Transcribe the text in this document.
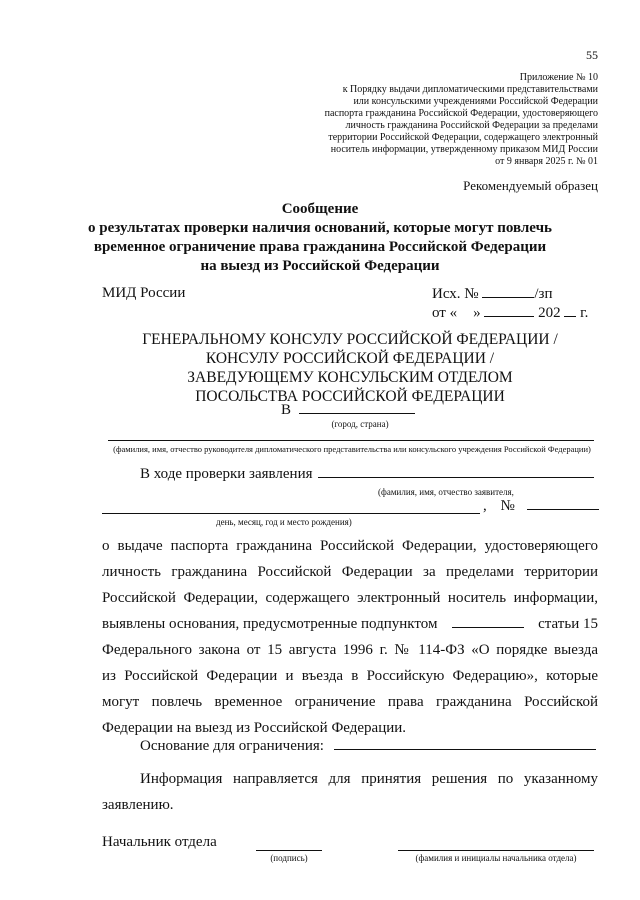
55
Приложение № 10
к Порядку выдачи дипломатическими представительствами
или консульскими учреждениями Российской Федерации
паспорта гражданина Российской Федерации, удостоверяющего
личность гражданина Российской Федерации за пределами
территории Российской Федерации, содержащего электронный
носитель информации, утвержденному приказом МИД России
от 9 января 2025 г. № 01
Рекомендуемый образец
Сообщение
о результатах проверки наличия оснований, которые могут повлечь
временное ограничение права гражданина Российской Федерации
на выезд из Российской Федерации
МИД России	Исх. №	/зп
от « »	202 г.
ГЕНЕРАЛЬНОМУ КОНСУЛУ РОССИЙСКОЙ ФЕДЕРАЦИИ /
КОНСУЛУ РОССИЙСКОЙ ФЕДЕРАЦИИ /
ЗАВЕДУЮЩЕМУ КОНСУЛЬСКИМ ОТДЕЛОМ
ПОСОЛЬСТВА РОССИЙСКОЙ ФЕДЕРАЦИИ
В
(город, страна)
(фамилия, имя, отчество руководителя дипломатического представительства или консульского учреждения Российской Федерации)
В ходе проверки заявления
(фамилия, имя, отчество заявителя,
, №
день, месяц, год и место рождения)
о выдаче паспорта гражданина Российской Федерации, удостоверяющего
личность гражданина Российской Федерации за пределами территории
Российской Федерации, содержащего электронный носитель информации,
выявлены основания, предусмотренные подпунктом	статьи 15
Федерального закона от 15 августа 1996 г. № 114-ФЗ «О порядке выезда
из Российской Федерации и въезда в Российскую Федерацию», которые
могут повлечь временное ограничение права гражданина Российской
Федерации на выезд из Российской Федерации.
Основание для ограничения:
Информация направляется для принятия решения по указанному
заявлению.
Начальник отдела
(подпись)	(фамилия и инициалы начальника отдела)
